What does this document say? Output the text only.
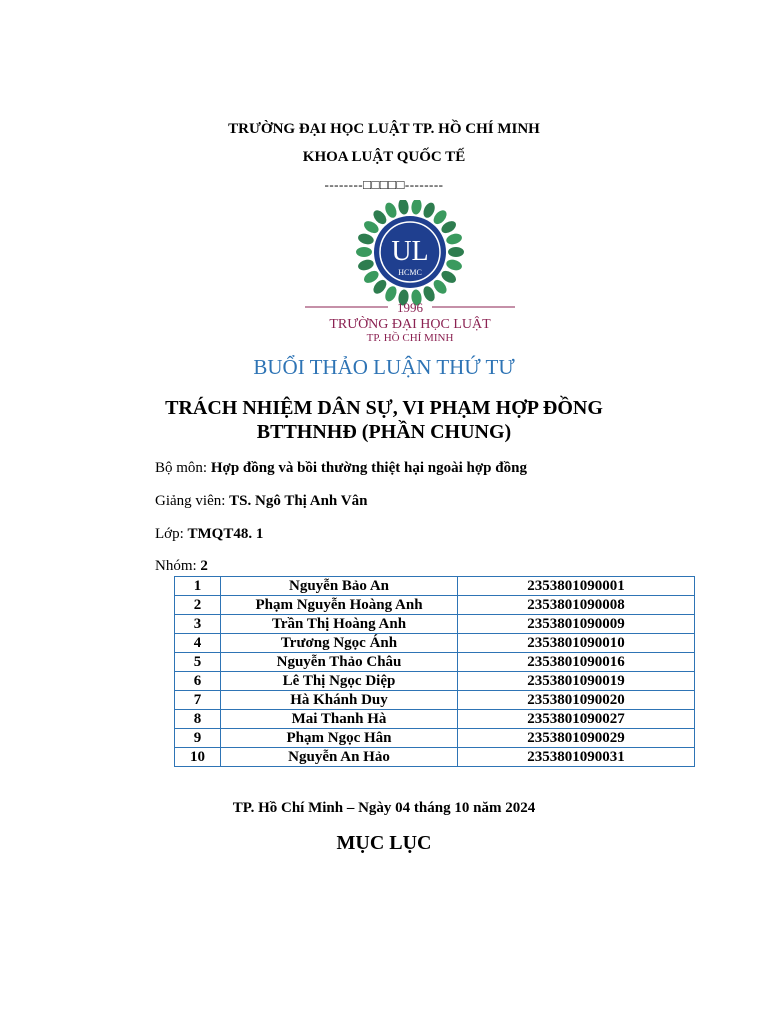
TRƯỜNG ĐẠI HỌC LUẬT TP. HỒ CHÍ MINH
KHOA LUẬT QUỐC TẾ
--------□□□□□--------
UL
HCMC
1996
TRƯỜNG ĐẠI HỌC LUẬT
TP. HỒ CHÍ MINH
BUỔI THẢO LUẬN THỨ TƯ
TRÁCH NHIỆM DÂN SỰ, VI PHẠM HỢP ĐỒNG
BTTHNHĐ (PHẦN CHUNG)
Bộ môn: Hợp đồng và bồi thường thiệt hại ngoài hợp đồng
Giảng viên: TS. Ngô Thị Anh Vân
Lớp: TMQT48. 1
Nhóm: 2
1	Nguyễn Bảo An	2353801090001
2	Phạm Nguyễn Hoàng Anh	2353801090008
3	Trần Thị Hoàng Anh	2353801090009
4	Trương Ngọc Ánh	2353801090010
5	Nguyễn Thảo Châu	2353801090016
6	Lê Thị Ngọc Diệp	2353801090019
7	Hà Khánh Duy	2353801090020
8	Mai Thanh Hà	2353801090027
9	Phạm Ngọc Hân	2353801090029
10	Nguyễn An Hảo	2353801090031
TP. Hồ Chí Minh – Ngày 04 tháng 10 năm 2024
MỤC LỤC
